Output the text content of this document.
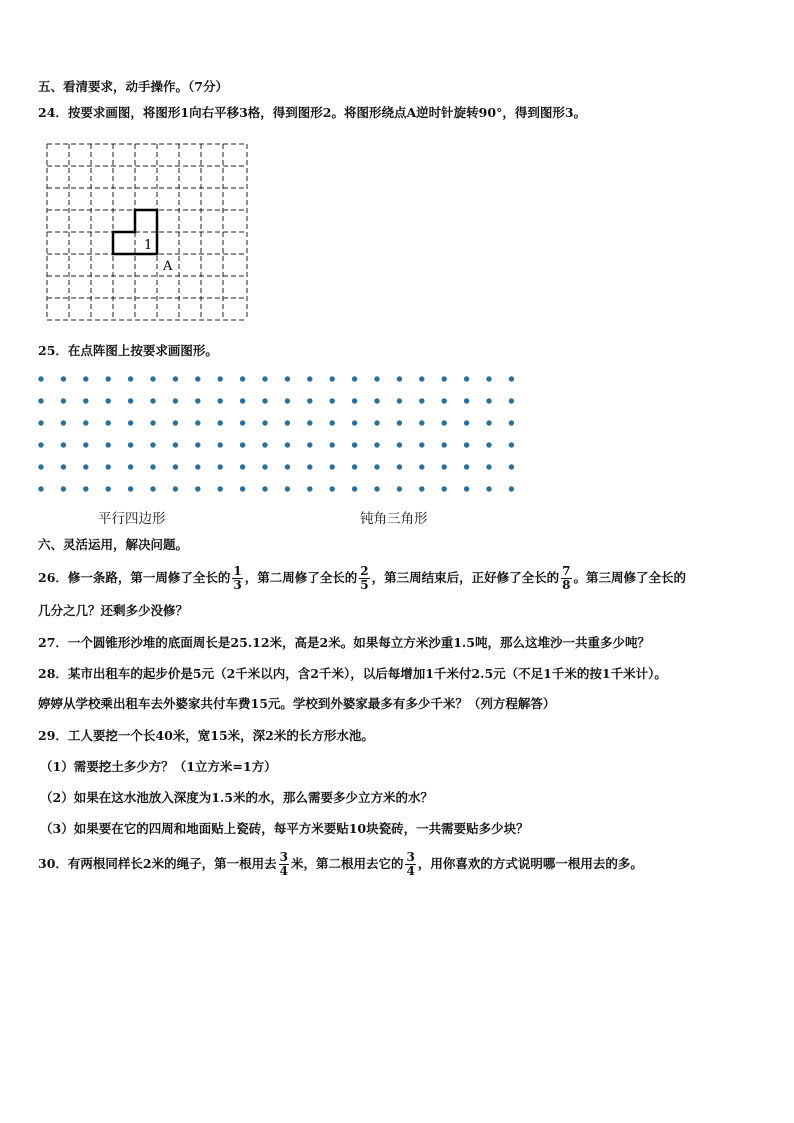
五、看清要求，动手操作。（7分）
24．按要求画图，将图形1向右平移3格，得到图形2。将图形绕点A逆时针旋转90°，得到图形3。
1
A
25．在点阵图上按要求画图形。
平行四边形	钝角三角形
六、灵活运用，解决问题。
26．修一条路，第一周修了全长的 $\frac{1}{3}$ ，第二周修了全长的 $\frac{2}{5}$ ，第三周结束后，正好修了全长的 $\frac{7}{8}$ 。第三周修了全长的
几分之几？还剩多少没修？
27．一个圆锥形沙堆的底面周长是25.12米，高是2米。如果每立方米沙重1.5吨，那么这堆沙一共重多少吨？
28．某市出租车的起步价是5元（2千米以内，含2千米），以后每增加1千米付2.5元（不足1千米的按1千米计）。
婷婷从学校乘出租车去外婆家共付车费15元。学校到外婆家最多有多少千米？（列方程解答）
29．工人要挖一个长40米，宽15米，深2米的长方形水池。
（1）需要挖土多少方？（1立方米=1方）
（2）如果在这水池放入深度为1.5米的水，那么需要多少立方米的水？
（3）如果要在它的四周和地面贴上瓷砖，每平方米要贴10块瓷砖，一共需要贴多少块？
30．有两根同样长2米的绳子，第一根用去 $\frac{3}{4}$ 米，第二根用去它的 $\frac{3}{4}$ ，用你喜欢的方式说明哪一根用去的多。
